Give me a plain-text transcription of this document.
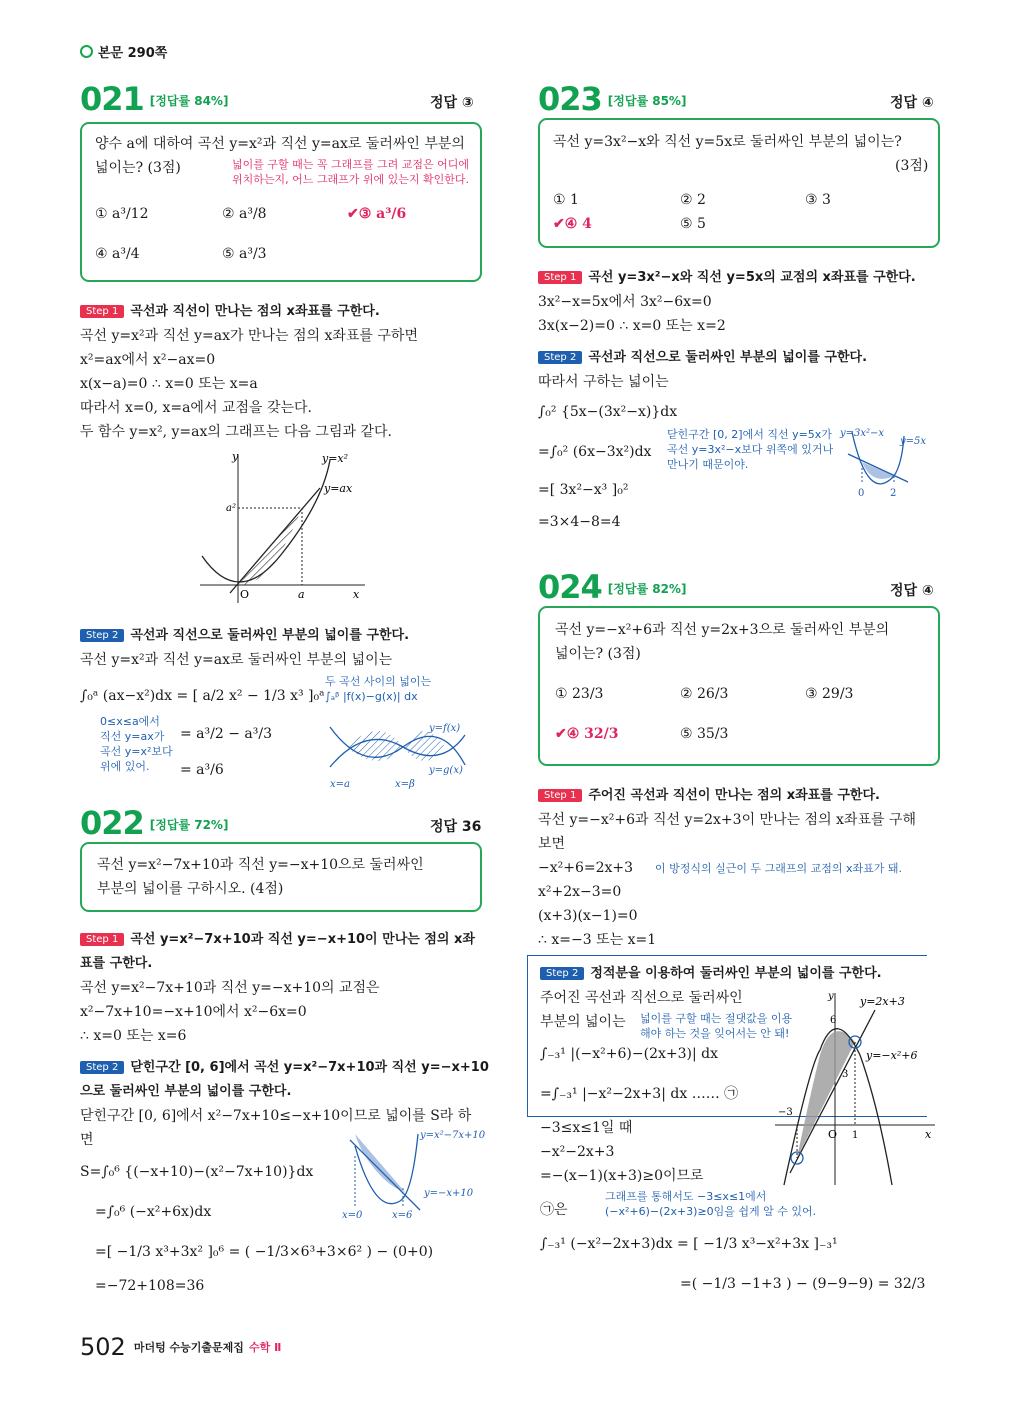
본문 290쪽
021 [정답률 84%]	정답 ③
양수 a에 대하여 곡선 y=x²과 직선 y=ax로 둘러싸인 부분의
넓이는? (3점)	넓이를 구할 때는 꼭 그래프를 그려 교점은 어디에
위치하는지, 어느 그래프가 위에 있는지 확인한다.
① a³/12	② a³/8	✔③ a³/6
④ a³/4	⑤ a³/3
Step 1 곡선과 직선이 만나는 점의 x좌표를 구한다.
곡선 y=x²과 직선 y=ax가 만나는 점의 x좌표를 구하면
x²=ax에서 x²−ax=0
x(x−a)=0 ∴ x=0 또는 x=a
따라서 x=0, x=a에서 교점을 갖는다.
두 함수 y=x², y=ax의 그래프는 다음 그림과 같다.
y	y=x²
y=ax
a²
O	a	x
Step 2 곡선과 직선으로 둘러싸인 부분의 넓이를 구한다.
곡선 y=x²과 직선 y=ax로 둘러싸인 부분의 넓이는
∫₀ᵃ (ax−x²)dx = [ a/2 x² − 1/3 x³ ]₀ᵃ
= a³/2 − a³/3
= a³/6
두 곡선 사이의 넓이는
∫ₐᵝ |f(x)−g(x)| dx
0≤x≤a에서
직선 y=ax가
곡선 y=x²보다
위에 있어.
y=f(x)
y=g(x)
x=a	x=β
022 [정답률 72%]	정답 36
곡선 y=x²−7x+10과 직선 y=−x+10으로 둘러싸인
부분의 넓이를 구하시오. (4점)
Step 1 곡선 y=x²−7x+10과 직선 y=−x+10이 만나는 점의 x좌
표를 구한다.
곡선 y=x²−7x+10과 직선 y=−x+10의 교점은
x²−7x+10=−x+10에서 x²−6x=0
∴ x=0 또는 x=6
Step 2 닫힌구간 [0, 6]에서 곡선 y=x²−7x+10과 직선 y=−x+10
으로 둘러싸인 부분의 넓이를 구한다.
닫힌구간 [0, 6]에서 x²−7x+10≤−x+10이므로 넓이를 S라 하
면
S=∫₀⁶ {(−x+10)−(x²−7x+10)}dx
=∫₀⁶ (−x²+6x)dx
=[ −1/3 x³+3x² ]₀⁶ = ( −1/3×6³+3×6² ) − (0+0)
=−72+108=36
y=x²−7x+10
y=−x+10
S
x=0	x=6
023 [정답률 85%]	정답 ④
곡선 y=3x²−x와 직선 y=5x로 둘러싸인 부분의 넓이는?
(3점)
① 1	② 2	③ 3
✔④ 4	⑤ 5
Step 1 곡선 y=3x²−x와 직선 y=5x의 교점의 x좌표를 구한다.
3x²−x=5x에서 3x²−6x=0
3x(x−2)=0 ∴ x=0 또는 x=2
Step 2 곡선과 직선으로 둘러싸인 부분의 넓이를 구한다.
따라서 구하는 넓이는
∫₀² {5x−(3x²−x)}dx
=∫₀² (6x−3x²)dx
=[ 3x²−x³ ]₀²
=3×4−8=4
닫힌구간 [0, 2]에서 직선 y=5x가
곡선 y=3x²−x보다 위쪽에 있거나
만나기 때문이야.
y=3x²−x
y=5x
0	2
024 [정답률 82%]	정답 ④
곡선 y=−x²+6과 직선 y=2x+3으로 둘러싸인 부분의
넓이는? (3점)
① 23/3	② 26/3	③ 29/3
✔④ 32/3	⑤ 35/3
Step 1 주어진 곡선과 직선이 만나는 점의 x좌표를 구한다.
곡선 y=−x²+6과 직선 y=2x+3이 만나는 점의 x좌표를 구해
보면
−x²+6=2x+3 이 방정식의 실근이 두 그래프의 교점의 x좌표가 돼.
x²+2x−3=0
(x+3)(x−1)=0
∴ x=−3 또는 x=1
Step 2 정적분을 이용하여 둘러싸인 부분의 넓이를 구한다.
주어진 곡선과 직선으로 둘러싸인
부분의 넓이는 넓이를 구할 때는 절댓값을 이용
해야 하는 것을 잊어서는 안 돼!
∫₋₃¹ |(−x²+6)−(2x+3)| dx
=∫₋₃¹ |−x²−2x+3| dx …… ㉠
−3≤x≤1일 때
−x²−2x+3
=−(x−1)(x+3)≥0이므로
그래프를 통해서도 −3≤x≤1에서
(−x²+6)−(2x+3)≥0임을 쉽게 알 수 있어.
㉠은
∫₋₃¹ (−x²−2x+3)dx = [ −1/3 x³−x²+3x ]₋₃¹
=( −1/3 −1+3 ) − (9−9−9) = 32/3
y y=2x+3
y=−x²+6
6
3
−3
O 1	x
502 $^{마더텅 수능기출문제집}$ $^{수학 Ⅱ}$
